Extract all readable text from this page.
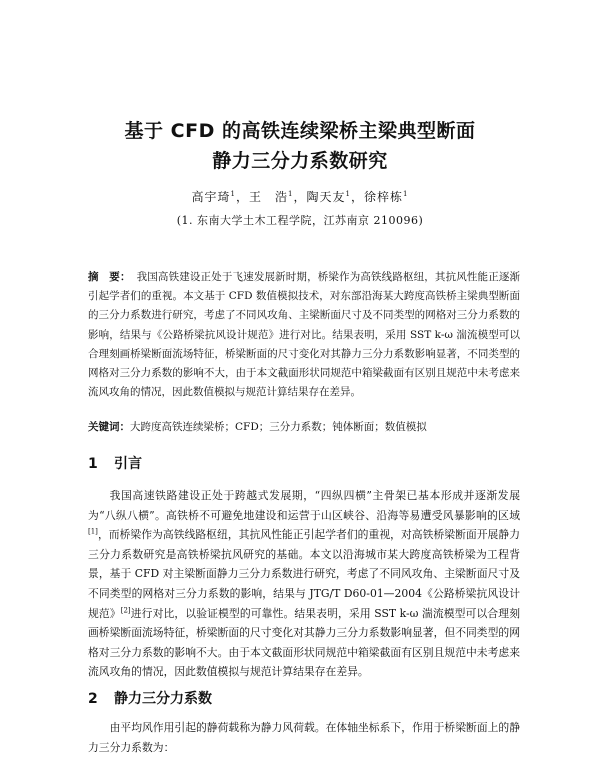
基于 CFD 的高铁连续梁桥主梁典型断面
静力三分力系数研究
高宇琦$^1$，王　浩$^1$，陶天友$^1$，徐梓栋$^1$
(1. 东南大学土木工程学院，江苏南京 210096)
摘　要： 我国高铁建设正处于飞速发展新时期，桥梁作为高铁线路枢纽，其抗风性能正逐渐引起学者们的重视。本文基于 CFD 数值模拟技术，对东部沿海某大跨度高铁桥主梁典型断面的三分力系数进行研究，考虑了不同风攻角、主梁断面尺寸及不同类型的网格对三分力系数的影响，结果与《公路桥梁抗风设计规范》进行对比。结果表明，采用 SST k-ω 湍流模型可以合理刻画桥梁断面流场特征，桥梁断面的尺寸变化对其静力三分力系数影响显著，不同类型的网格对三分力系数的影响不大，由于本文截面形状同规范中箱梁截面有区别且规范中未考虑来流风攻角的情况，因此数值模拟与规范计算结果存在差异。
关键词：大跨度高铁连续梁桥；CFD；三分力系数；钝体断面；数值模拟
1 引言
我国高速铁路建设正处于跨越式发展期，“四纵四横”主骨架已基本形成并逐渐发展为“八纵八横”。高铁桥不可避免地建设和运营于山区峡谷、沿海等易遭受风暴影响的区域[1]，而桥梁作为高铁线路枢纽，其抗风性能正引起学者们的重视，对高铁桥梁断面开展静力三分力系数研究是高铁桥梁抗风研究的基础。本文以沿海城市某大跨度高铁桥梁为工程背景，基于 CFD 对主梁断面静力三分力系数进行研究，考虑了不同风攻角、主梁断面尺寸及不同类型的网格对三分力系数的影响，结果与 JTG/T D60-01—2004《公路桥梁抗风设计规范》[2]进行对比，以验证模型的可靠性。结果表明，采用 SST k-ω 湍流模型可以合理刻画桥梁断面流场特征，桥梁断面的尺寸变化对其静力三分力系数影响显著，但不同类型的网格对三分力系数的影响不大。由于本文截面形状同规范中箱梁截面有区别且规范中未考虑来流风攻角的情况，因此数值模拟与规范计算结果存在差异。
2 静力三分力系数
由平均风作用引起的静荷载称为静力风荷载。在体轴坐标系下，作用于桥梁断面上的静力三分力系数为：
